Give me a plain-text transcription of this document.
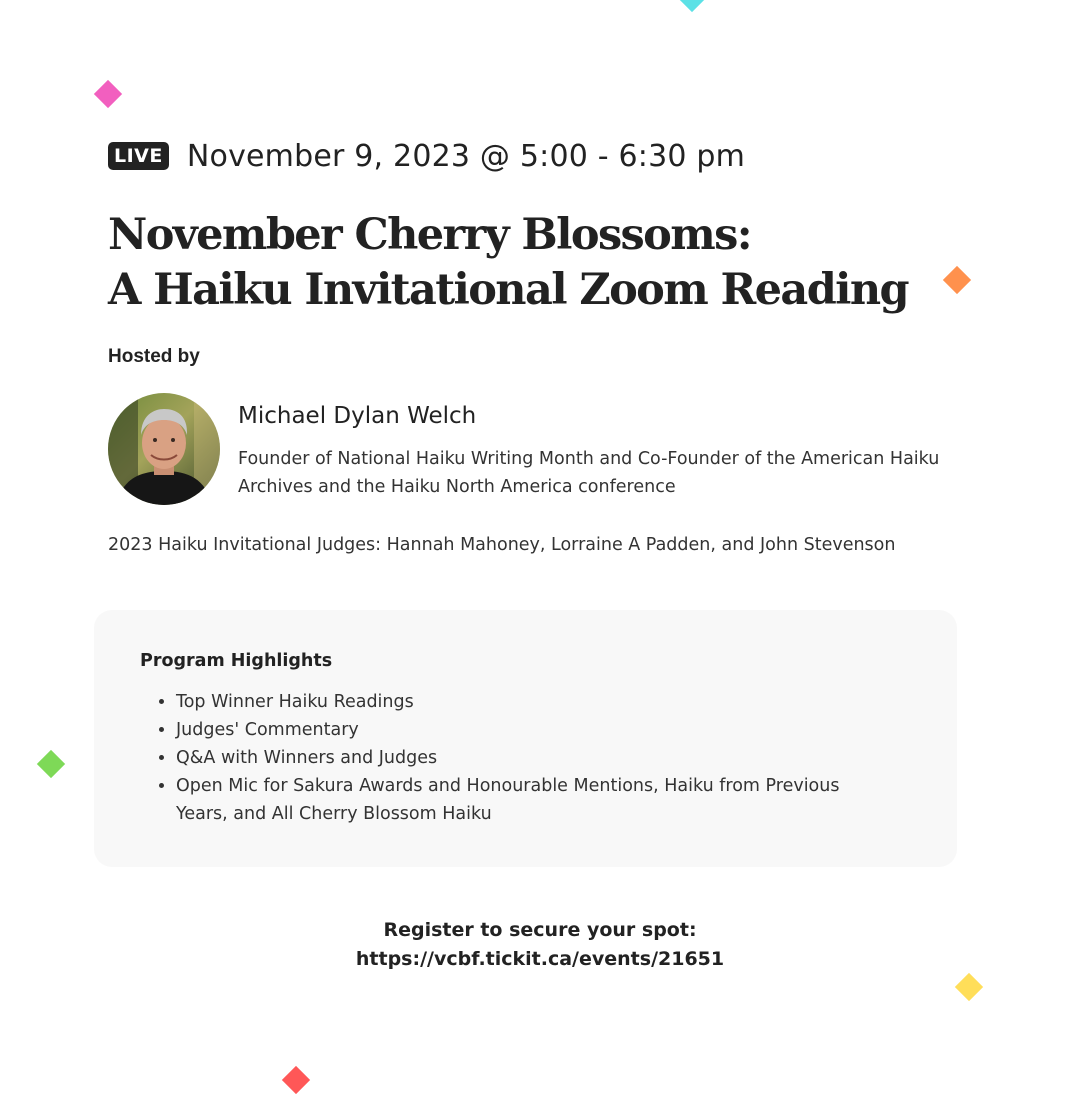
LIVE November 9, 2023 @ 5:00 - 6:30 pm
November Cherry Blossoms:
A Haiku Invitational Zoom Reading
Hosted by
Michael Dylan Welch
Founder of National Haiku Writing Month and Co-Founder of the American Haiku Archives and the Haiku North America conference
2023 Haiku Invitational Judges: Hannah Mahoney, Lorraine A Padden, and John Stevenson
Program Highlights
• Top Winner Haiku Readings
• Judges' Commentary
• Q&A with Winners and Judges
• Open Mic for Sakura Awards and Honourable Mentions, Haiku from Previous Years, and All Cherry Blossom Haiku
Register to secure your spot:
https://vcbf.tickit.ca/events/21651
